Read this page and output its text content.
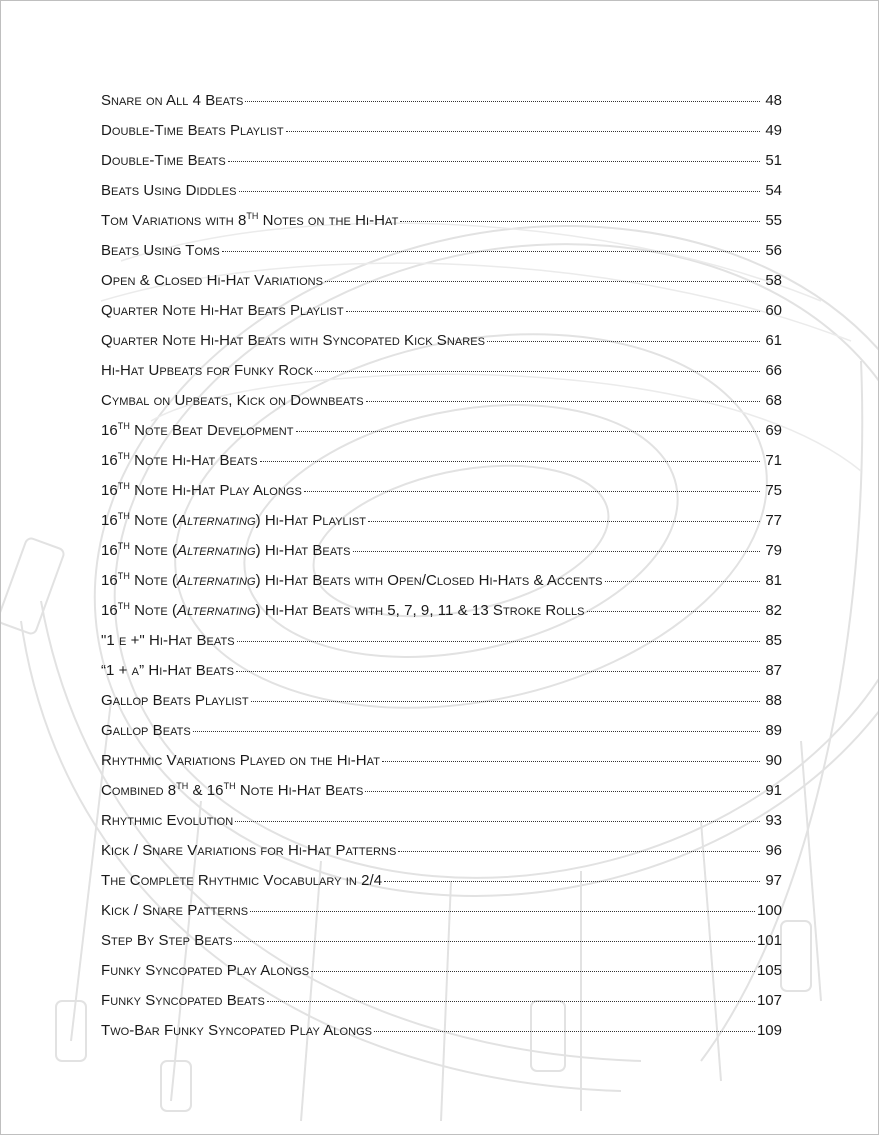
Snare on All 4 Beats	48
Double-Time Beats Playlist	49
Double-Time Beats	51
Beats Using Diddles	54
Tom Variations with 8TH Notes on the Hi-Hat	55
Beats Using Toms	56
Open & Closed Hi-Hat Variations	58
Quarter Note Hi-Hat Beats Playlist	60
Quarter Note Hi-Hat Beats with Syncopated Kick Snares	61
Hi-Hat Upbeats for Funky Rock	66
Cymbal on Upbeats, Kick on Downbeats	68
16TH Note Beat Development	69
16TH Note Hi-Hat Beats	71
16TH Note Hi-Hat Play Alongs	75
16TH Note (Alternating) Hi-Hat Playlist	77
16TH Note (Alternating) Hi-Hat Beats	79
16TH Note (Alternating) Hi-Hat Beats with Open/Closed Hi-Hats & Accents	81
16TH Note (Alternating) Hi-Hat Beats with 5, 7, 9, 11 & 13 Stroke Rolls	82
"1 e +" Hi-Hat Beats	85
“1 + a” Hi-Hat Beats	87
Gallop Beats Playlist	88
Gallop Beats	89
Rhythmic Variations Played on the Hi-Hat	90
Combined 8TH & 16TH Note Hi-Hat Beats	91
Rhythmic Evolution	93
Kick / Snare Variations for Hi-Hat Patterns	96
The Complete Rhythmic Vocabulary in 2/4	97
Kick / Snare Patterns	100
Step By Step Beats	101
Funky Syncopated Play Alongs	105
Funky Syncopated Beats	107
Two-Bar Funky Syncopated Play Alongs	109
